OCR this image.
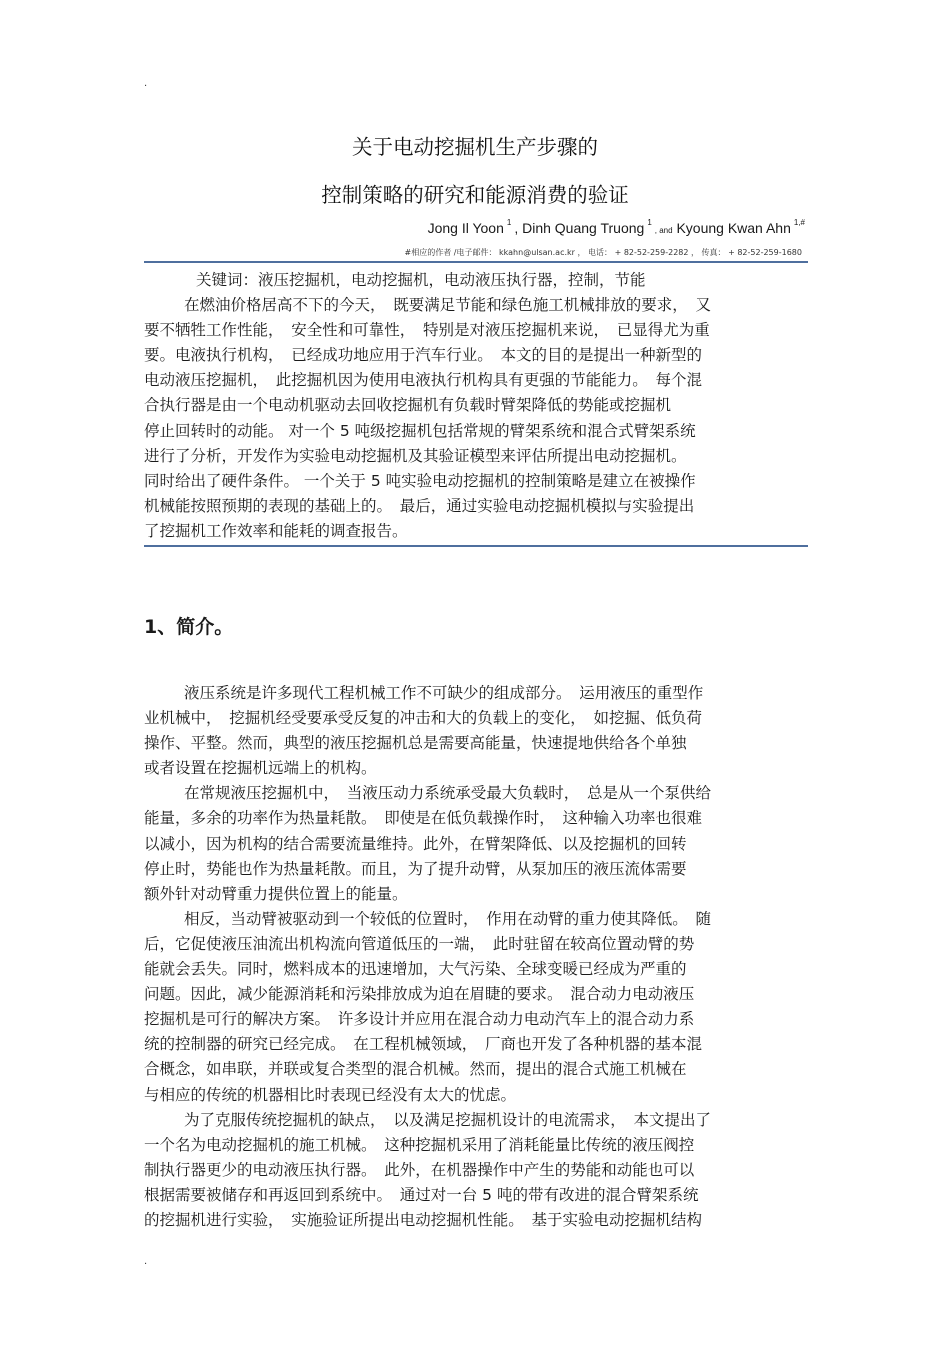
.
关于电动挖掘机生产步骤的
控制策略的研究和能源消费的验证
Jong Il Yoon $^1$ , Dinh Quang Truong $^1$, and Kyoung Kwan Ahn $^{1,\#}$
#相应的作者 /电子邮件： kkahn@ulsan.ac.kr ， 电话： + 82-52-259-2282 ， 传真： + 82-52-259-1680
关键词：液压挖掘机，电动挖掘机，电动液压执行器，控制，节能
在燃油价格居高不下的今天，　既要满足节能和绿色施工机械排放的要求，　又
要不牺牲工作性能，　安全性和可靠性，　特别是对液压挖掘机来说，　已显得尤为重
要。电液执行机构，　已经成功地应用于汽车行业。　本文的目的是提出一种新型的
电动液压挖掘机，　此挖掘机因为使用电液执行机构具有更强的节能能力。　每个混
合执行器是由一个电动机驱动去回收挖掘机有负载时臂架降低的势能或挖掘机
停止回转时的动能。 对一个 5 吨级挖掘机包括常规的臂架系统和混合式臂架系统
进行了分析，开发作为实验电动挖掘机及其验证模型来评估所提出电动挖掘机。
同时给出了硬件条件。 一个关于 5 吨实验电动挖掘机的控制策略是建立在被操作
机械能按照预期的表现的基础上的。　最后，通过实验电动挖掘机模拟与实验提出
了挖掘机工作效率和能耗的调查报告。
1、简介。
液压系统是许多现代工程机械工作不可缺少的组成部分。　运用液压的重型作
业机械中，　挖掘机经受要承受反复的冲击和大的负载上的变化，　如挖掘、低负荷
操作、平整。然而，典型的液压挖掘机总是需要高能量，快速提地供给各个单独
或者设置在挖掘机远端上的机构。
在常规液压挖掘机中，　当液压动力系统承受最大负载时，　总是从一个泵供给
能量，多余的功率作为热量耗散。　即使是在低负载操作时，　这种输入功率也很难
以减小，因为机构的结合需要流量维持。此外，在臂架降低、以及挖掘机的回转
停止时，势能也作为热量耗散。而且，为了提升动臂，从泵加压的液压流体需要
额外针对动臂重力提供位置上的能量。
相反，当动臂被驱动到一个较低的位置时，　作用在动臂的重力使其降低。　随
后，它促使液压油流出机构流向管道低压的一端，　此时驻留在较高位置动臂的势
能就会丢失。同时，燃料成本的迅速增加，大气污染、全球变暖已经成为严重的
问题。因此，减少能源消耗和污染排放成为迫在眉睫的要求。　混合动力电动液压
挖掘机是可行的解决方案。　许多设计并应用在混合动力电动汽车上的混合动力系
统的控制器的研究已经完成。　在工程机械领域，　厂商也开发了各种机器的基本混
合概念，如串联，并联或复合类型的混合机械。然而，提出的混合式施工机械在
与相应的传统的机器相比时表现已经没有太大的忧虑。
为了克服传统挖掘机的缺点，　以及满足挖掘机设计的电流需求，　本文提出了
一个名为电动挖掘机的施工机械。　这种挖掘机采用了消耗能量比传统的液压阀控
制执行器更少的电动液压执行器。　此外，在机器操作中产生的势能和动能也可以
根据需要被储存和再返回到系统中。　通过对一台 5 吨的带有改进的混合臂架系统
的挖掘机进行实验，　实施验证所提出电动挖掘机性能。　基于实验电动挖掘机结构
.
